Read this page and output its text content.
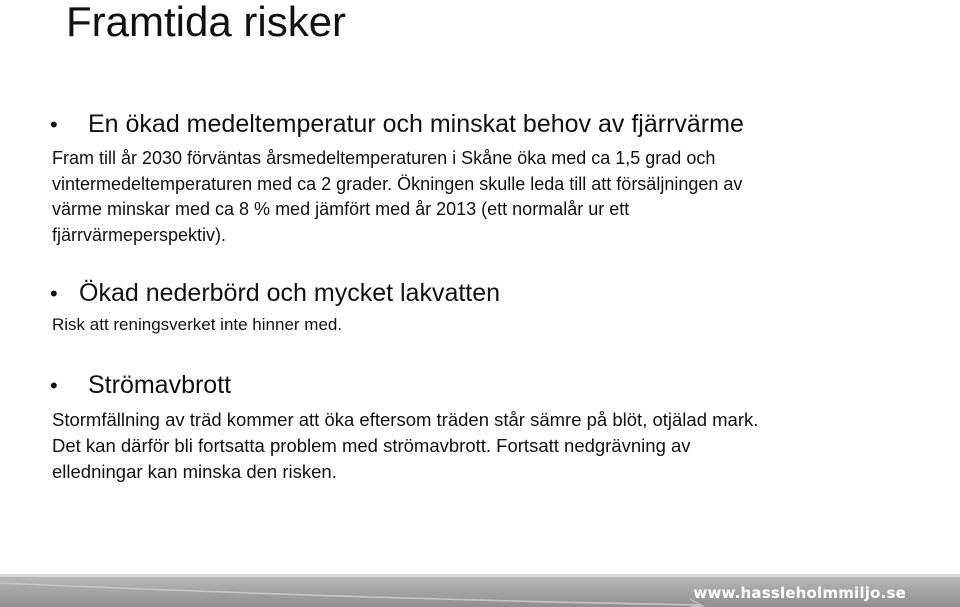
Framtida risker
•	En ökad medeltemperatur och minskat behov av fjärrvärme

Fram till år 2030 förväntas årsmedeltemperaturen i Skåne öka med ca 1,5 grad och
vintermedeltemperaturen med ca 2 grader. Ökningen skulle leda till att försäljningen av
värme minskar med ca 8 % med jämfört med år 2013 (ett normalår ur ett
fjärrvärmeperspektiv).

• Ökad nederbörd och mycket lakvatten

Risk att reningsverket inte hinner med.

•	Strömavbrott

Stormfällning av träd kommer att öka eftersom träden står sämre på blöt, otjälad mark.
Det kan därför bli fortsatta problem med strömavbrott. Fortsatt nedgrävning av
elledningar kan minska den risken.

www.hassleholmmiljo.se
